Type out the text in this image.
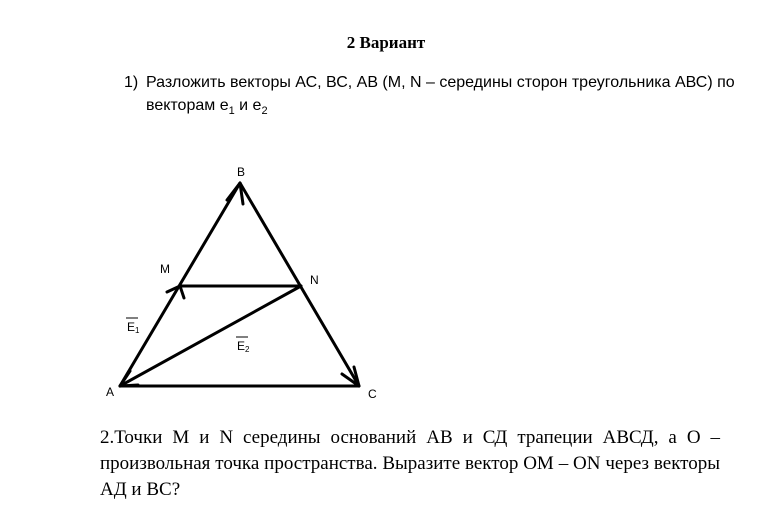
2 Вариант
1) Разложить векторы АС, ВС, АВ (М, N – середины сторон треугольника АВС) по векторам $е_1$ и $е_2$
B
M
N
A	C
E1
E2
2.Точки M и N середины оснований АВ и СД трапеции АВСД, а О – произвольная точка пространства. Выразите вектор ОМ – ОN через векторы АД и ВС?
